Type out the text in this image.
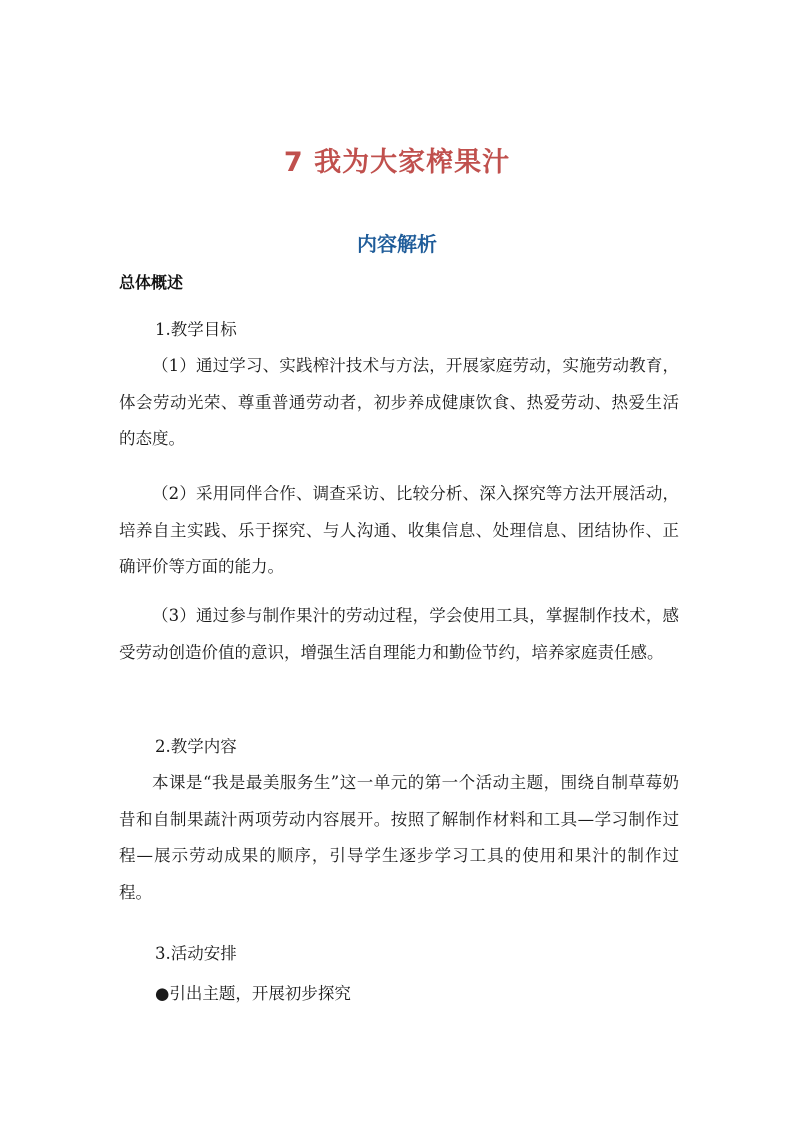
7 我为大家榨果汁
内容解析
总体概述
1.教学目标
（1）通过学习、实践榨汁技术与方法，开展家庭劳动，实施劳动教育，体会劳动光荣、尊重普通劳动者，初步养成健康饮食、热爱劳动、热爱生活的态度。
（2）采用同伴合作、调查采访、比较分析、深入探究等方法开展活动，培养自主实践、乐于探究、与人沟通、收集信息、处理信息、团结协作、正确评价等方面的能力。
（3）通过参与制作果汁的劳动过程，学会使用工具，掌握制作技术，感受劳动创造价值的意识，增强生活自理能力和勤俭节约，培养家庭责任感。
2.教学内容
本课是“我是最美服务生”这一单元的第一个活动主题，围绕自制草莓奶昔和自制果蔬汁两项劳动内容展开。按照了解制作材料和工具—学习制作过程—展示劳动成果的顺序，引导学生逐步学习工具的使用和果汁的制作过程。
3.活动安排
●引出主题，开展初步探究
